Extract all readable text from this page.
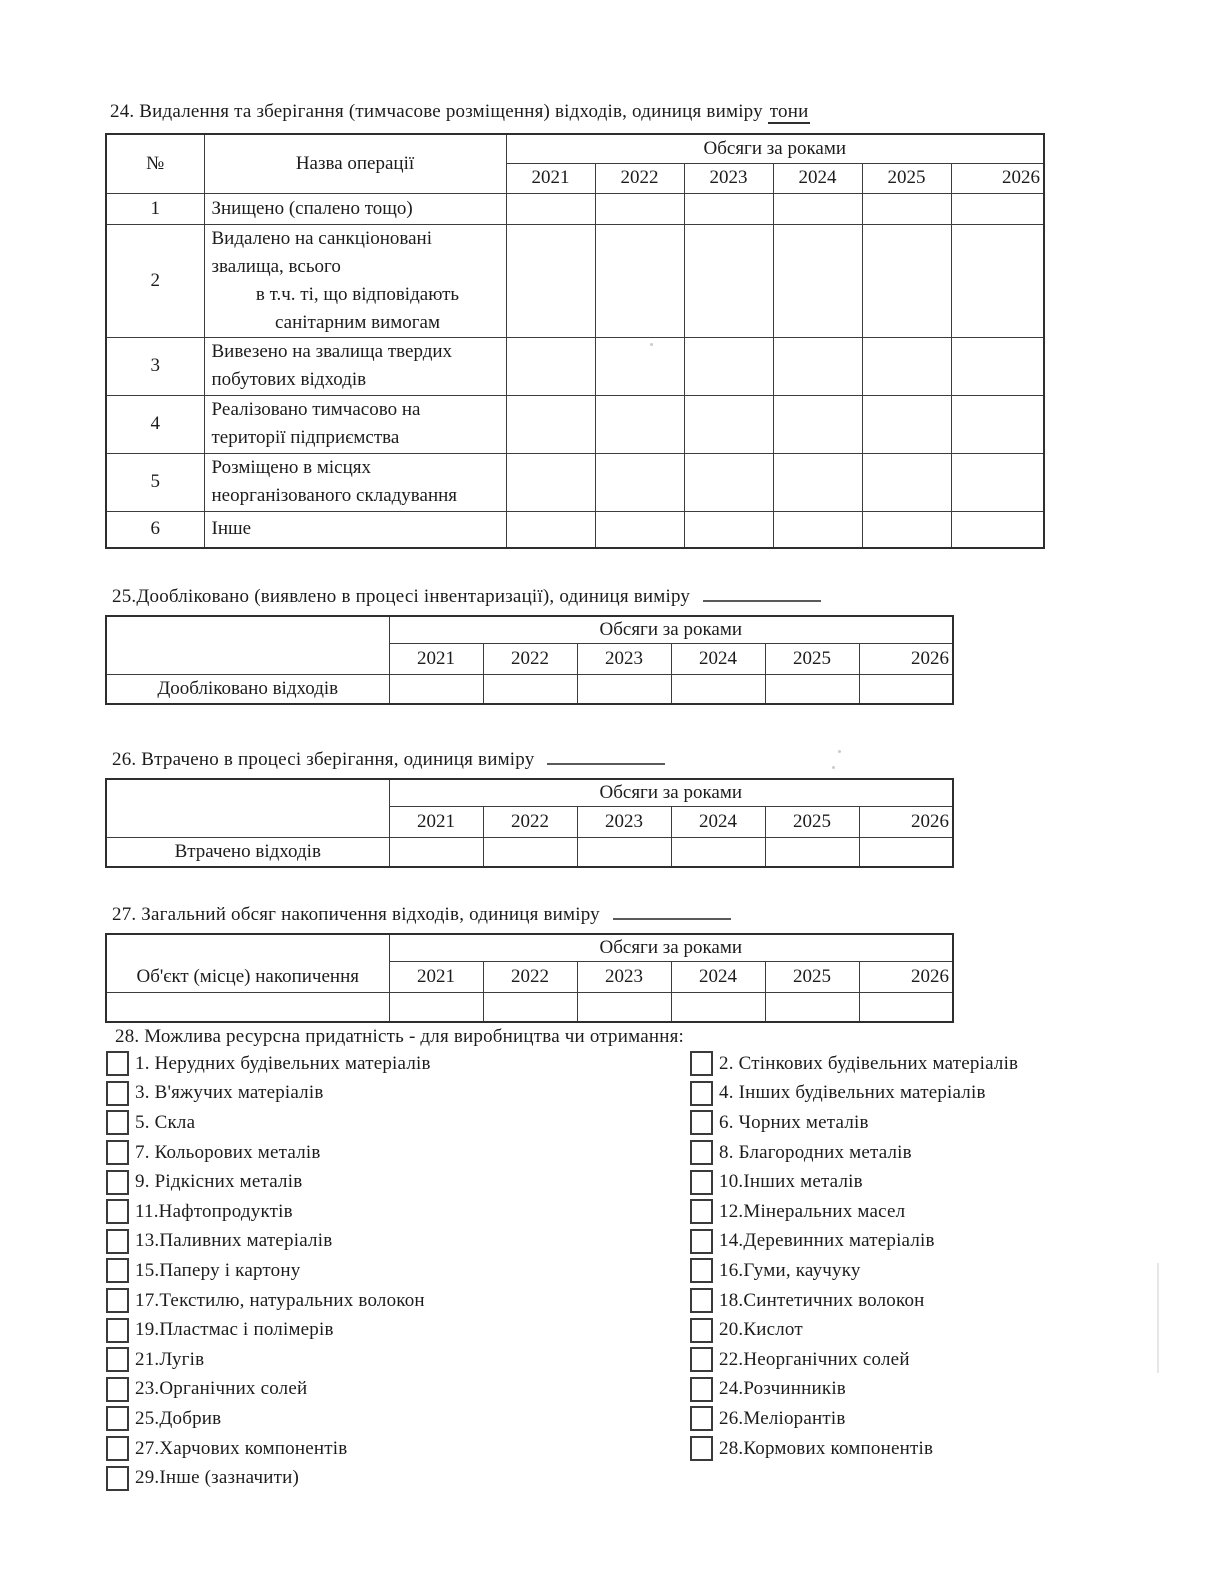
24. Видалення та зберігання (тимчасове розміщення) відходів, одиниця виміру тони
№	Назва операції	Обсяги за роками					
		2021	2022	2023	2024	2025	2026
1	Знищено (спалено тощо)						

2	Видалено на санкціоновані
звалища, всього
в т.ч. ті, що відповідають
санітарним вимогам						

3	Вивезено на звалища твердих
побутових відходів						

4	Реалізовано тимчасово на
території підприємства						

5	Розміщено в місцях
неорганізованого складування						

6	Інше						

25.Дообліковано (виявлено в процесі інвентаризації), одиниця виміру
	Обсяги за роками					
	2021	2022	2023	2024	2025	2026
Дообліковано відходів						
26. Втрачено в процесі зберігання, одиниця виміру
	Обсяги за роками					
	2021	2022	2023	2024	2025	2026
Втрачено відходів						
27. Загальний обсяг накопичення відходів, одиниця виміру
Об'єкт (місце) накопичення	Обсяги за роками					
	2021	2022	2023	2024	2025	2026

28. Можлива ресурсна придатність - для виробництва чи отримання:
1. Нерудних будівельних матеріалів
3. В'яжучих матеріалів
5. Скла
7. Кольорових металів
9. Рідкісних металів
11.Нафтопродуктів
13.Паливних матеріалів
15.Паперу і картону
17.Текстилю, натуральних волокон
19.Пластмас і полімерів
21.Лугів
23.Органічних солей
25.Добрив
27.Харчових компонентів
29.Інше (зазначити)
2. Стінкових будівельних матеріалів
4. Інших будівельних матеріалів
6. Чорних металів
8. Благородних металів
10.Інших металів
12.Мінеральних масел
14.Деревинних матеріалів
16.Гуми, каучуку
18.Синтетичних волокон
20.Кислот
22.Неорганічних солей
24.Розчинників
26.Меліорантів
28.Кормових компонентів
